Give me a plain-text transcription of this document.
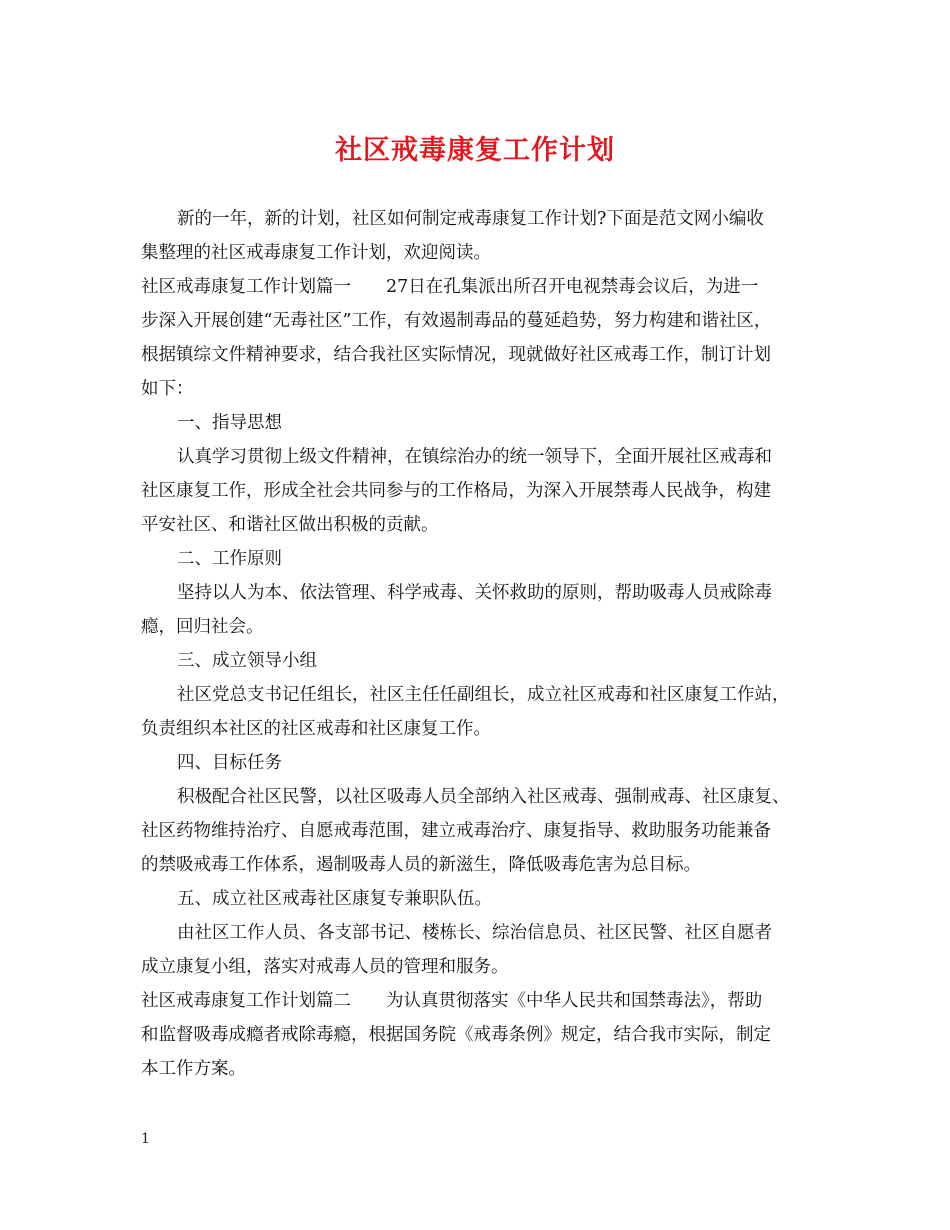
社区戒毒康复工作计划
新的一年，新的计划，社区如何制定戒毒康复工作计划?下面是范文网小编收
集整理的社区戒毒康复工作计划，欢迎阅读。
社区戒毒康复工作计划篇一　　27日在孔集派出所召开电视禁毒会议后，为进一
步深入开展创建“无毒社区”工作，有效遏制毒品的蔓延趋势，努力构建和谐社区，
根据镇综文件精神要求，结合我社区实际情况，现就做好社区戒毒工作，制订计划
如下：
一、指导思想
认真学习贯彻上级文件精神，在镇综治办的统一领导下，全面开展社区戒毒和
社区康复工作，形成全社会共同参与的工作格局，为深入开展禁毒人民战争，构建
平安社区、和谐社区做出积极的贡献。
二、工作原则
坚持以人为本、依法管理、科学戒毒、关怀救助的原则，帮助吸毒人员戒除毒
瘾，回归社会。
三、成立领导小组
社区党总支书记任组长，社区主任任副组长，成立社区戒毒和社区康复工作站，
负责组织本社区的社区戒毒和社区康复工作。
四、目标任务
积极配合社区民警，以社区吸毒人员全部纳入社区戒毒、强制戒毒、社区康复、
社区药物维持治疗、自愿戒毒范围，建立戒毒治疗、康复指导、救助服务功能兼备
的禁吸戒毒工作体系，遏制吸毒人员的新滋生，降低吸毒危害为总目标。
五、成立社区戒毒社区康复专兼职队伍。
由社区工作人员、各支部书记、楼栋长、综治信息员、社区民警、社区自愿者
成立康复小组，落实对戒毒人员的管理和服务。
社区戒毒康复工作计划篇二　　为认真贯彻落实《中华人民共和国禁毒法》，帮助
和监督吸毒成瘾者戒除毒瘾，根据国务院《戒毒条例》规定，结合我市实际，制定
本工作方案。
1
